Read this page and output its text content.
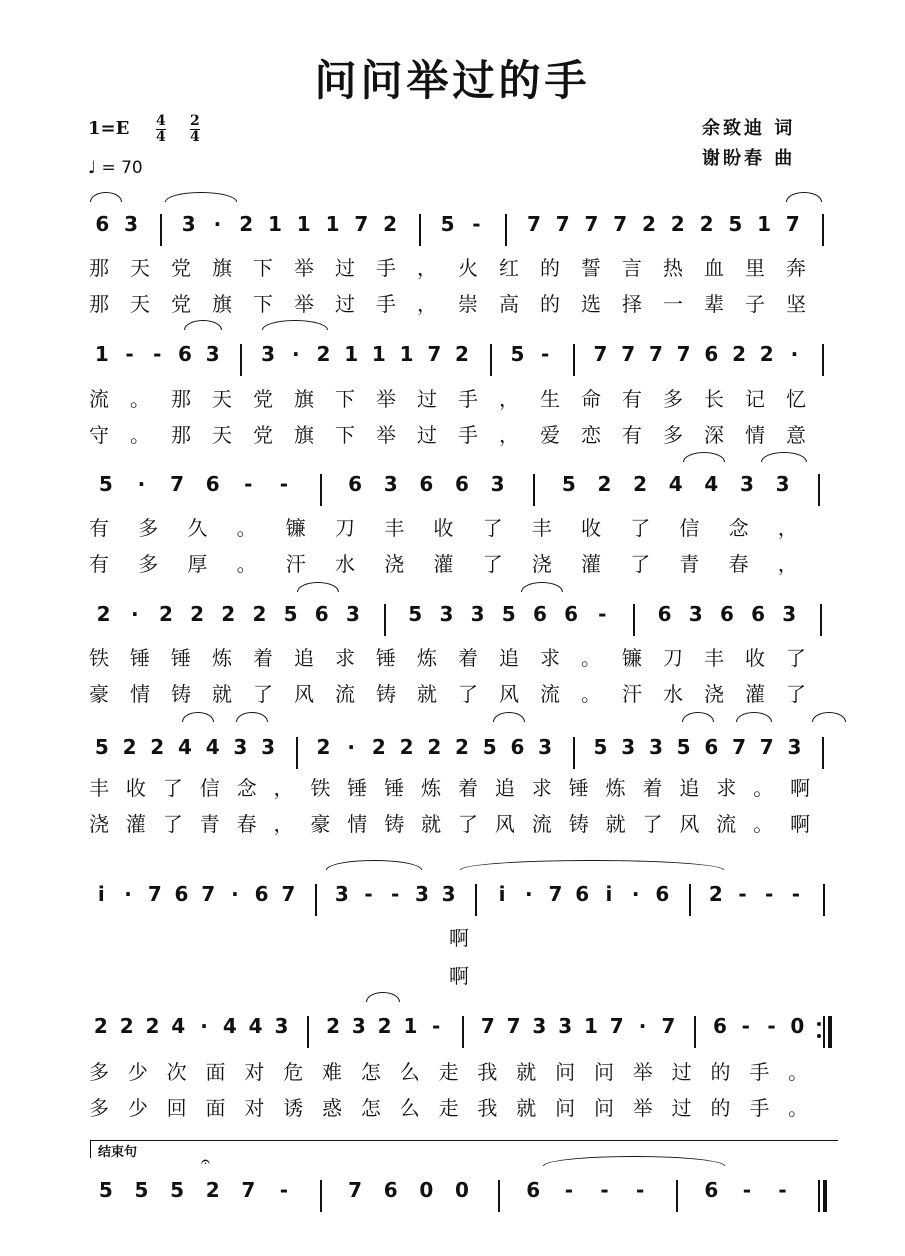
问问举过的手
$1=E \frac{4}{4} \frac{2}{4}$
♩ = 70
余致迪 词
谢盼春 曲
6 3 3 · 2 1 1 1 7 2 5 - 7 7 7 7 2 2 2 5 1 7
那 天 党 旗 下 举 过 手 ， 火 红 的 誓 言 热 血 里 奔
那 天 党 旗 下 举 过 手 ， 崇 高 的 选 择 一 辈 子 坚
1 - - 6 3 3 · 2 1 1 1 7 2 5 - 7 7 7 7 6 2 2 ·
流 。 那 天 党 旗 下 举 过 手 ， 生 命 有 多 长 记 忆
守 。 那 天 党 旗 下 举 过 手 ， 爱 恋 有 多 深 情 意
5 · 7 6 - -	6 3 6 6 3	5 2 2 4 4 3 3
有 多 久 。 镰 刀 丰 收 了 丰 收 了 信 念 ，
有 多 厚 。 汗 水 浇 灌 了 浇 灌 了 青 春 ，
2 · 2 2 2 2 5 6 3 5 3 3 5 6 6 -	6 3 6 6 3
铁 锤 锤 炼 着 追 求 锤 炼 着 追 求 。 镰 刀 丰 收 了
豪 情 铸 就 了 风 流 铸 就 了 风 流 。 汗 水 浇 灌 了
5 2 2 4 4 3 3 2 · 2 2 2 2 5 6 3 5 3 3 5 6 7 7 3
丰 收 了 信 念 ， 铁 锤 锤 炼 着 追 求 锤 炼 着 追 求 。 啊
浇 灌 了 青 春 ， 豪 情 铸 就 了 风 流 铸 就 了 风 流 。 啊
i · 7 6 7 · 6 7 3 - - 3 3 i · 7 6 i · 6 2 - - -
啊
啊
2 2 2 4 · 4 4 3 2 3 2 1 - 7 7 3 3 1 7 · 7 6 - - 0
多 少 次 面 对 危 难 怎 么 走 我 就 问 问 举 过 的 手 。
多 少 回 面 对 诱 惑 怎 么 走 我 就 问 问 举 过 的 手 。
5 5 5 2 7 -	7 6 0 0	6 - - -	6 - -
𝄐
结束句
